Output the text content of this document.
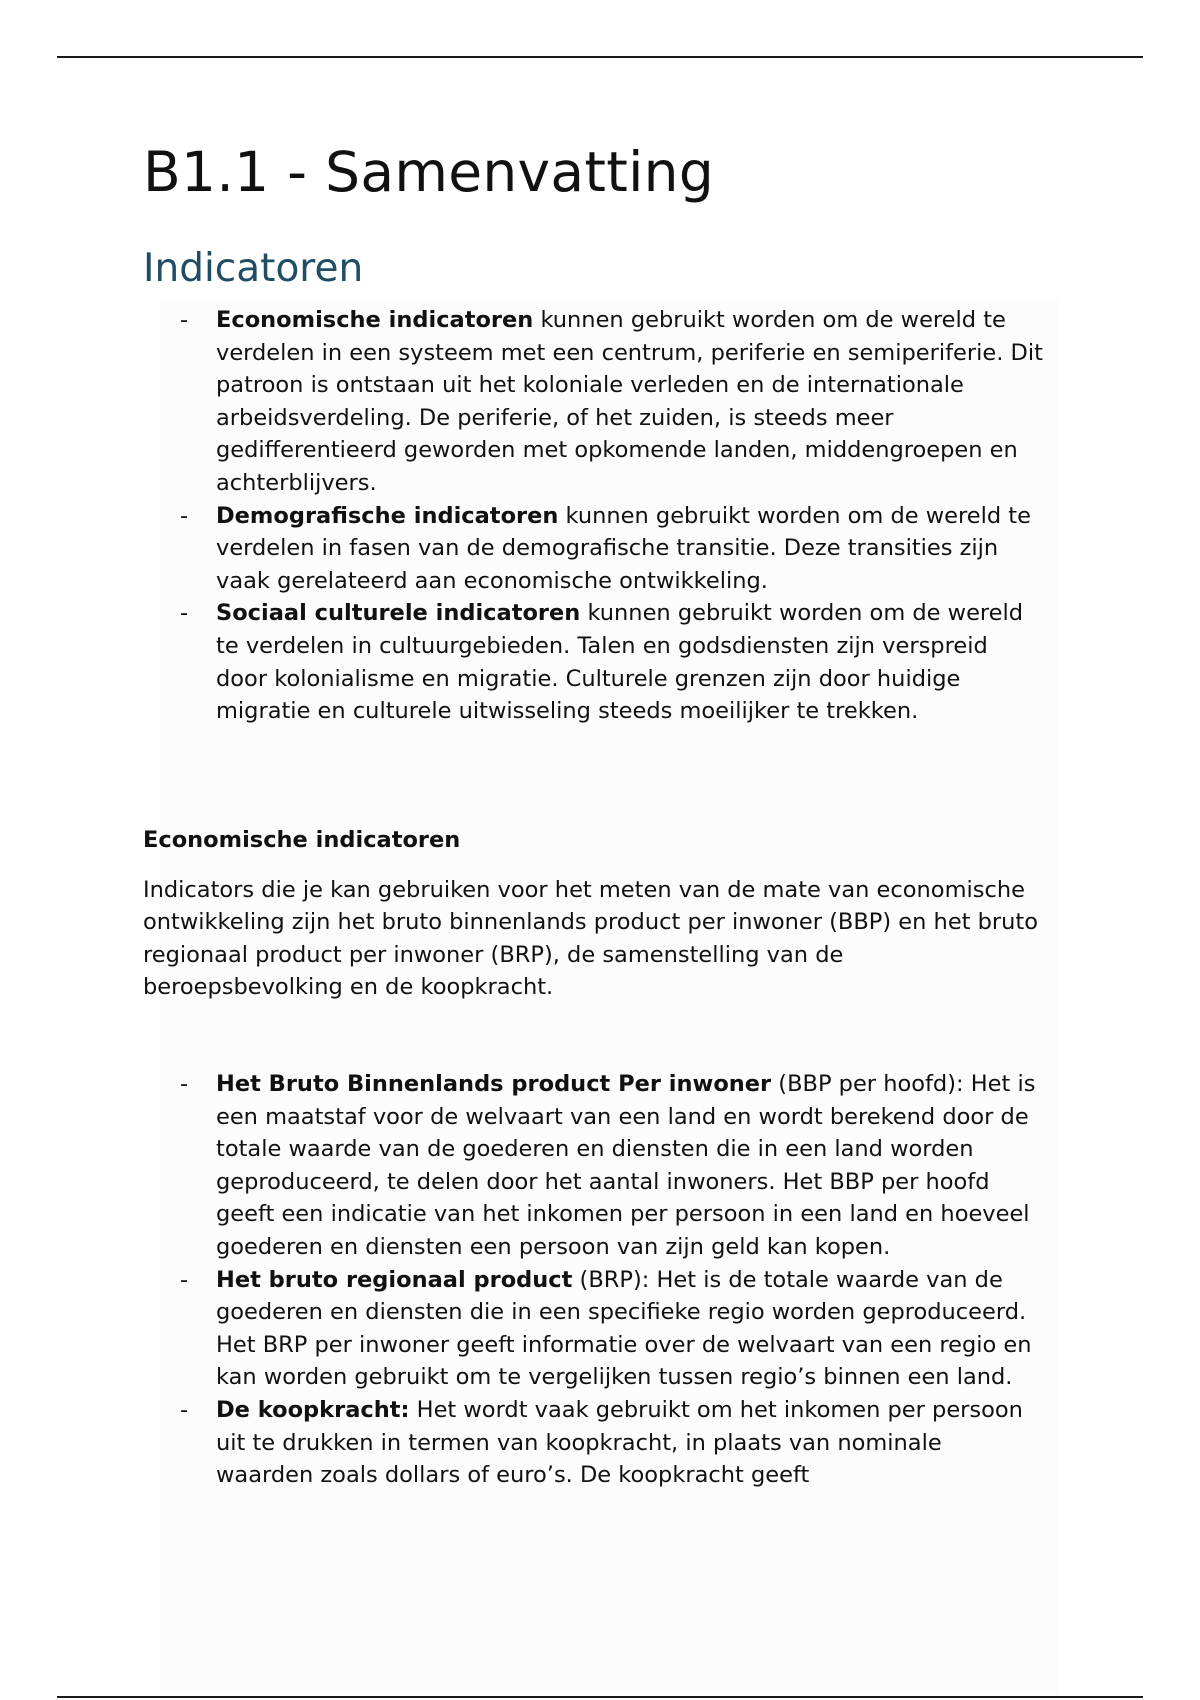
B1.1 - Samenvatting
Indicatoren
- Economische indicatoren kunnen gebruikt worden om de wereld te verdelen in een systeem met een centrum, periferie en semiperiferie. Dit patroon is ontstaan uit het koloniale verleden en de internationale arbeidsverdeling. De periferie, of het zuiden, is steeds meer gedifferentieerd geworden met opkomende landen, middengroepen en achterblijvers.
- Demografische indicatoren kunnen gebruikt worden om de wereld te verdelen in fasen van de demografische transitie. Deze transities zijn vaak gerelateerd aan economische ontwikkeling.
- Sociaal culturele indicatoren kunnen gebruikt worden om de wereld te verdelen in cultuurgebieden. Talen en godsdiensten zijn verspreid door kolonialisme en migratie. Culturele grenzen zijn door huidige migratie en culturele uitwisseling steeds moeilijker te trekken.
Economische indicatoren

Indicators die je kan gebruiken voor het meten van de mate van economische ontwikkeling zijn het bruto binnenlands product per inwoner (BBP) en het bruto regionaal product per inwoner (BRP), de samenstelling van de beroepsbevolking en de koopkracht.

- Het Bruto Binnenlands product Per inwoner (BBP per hoofd): Het is een maatstaf voor de welvaart van een land en wordt berekend door de totale waarde van de goederen en diensten die in een land worden geproduceerd, te delen door het aantal inwoners. Het BBP per hoofd geeft een indicatie van het inkomen per persoon in een land en hoeveel goederen en diensten een persoon van zijn geld kan kopen.
- Het bruto regionaal product (BRP): Het is de totale waarde van de goederen en diensten die in een specifieke regio worden geproduceerd. Het BRP per inwoner geeft informatie over de welvaart van een regio en kan worden gebruikt om te vergelijken tussen regio’s binnen een land.
- De koopkracht: Het wordt vaak gebruikt om het inkomen per persoon uit te drukken in termen van koopkracht, in plaats van nominale waarden zoals dollars of euro’s. De koopkracht geeft
